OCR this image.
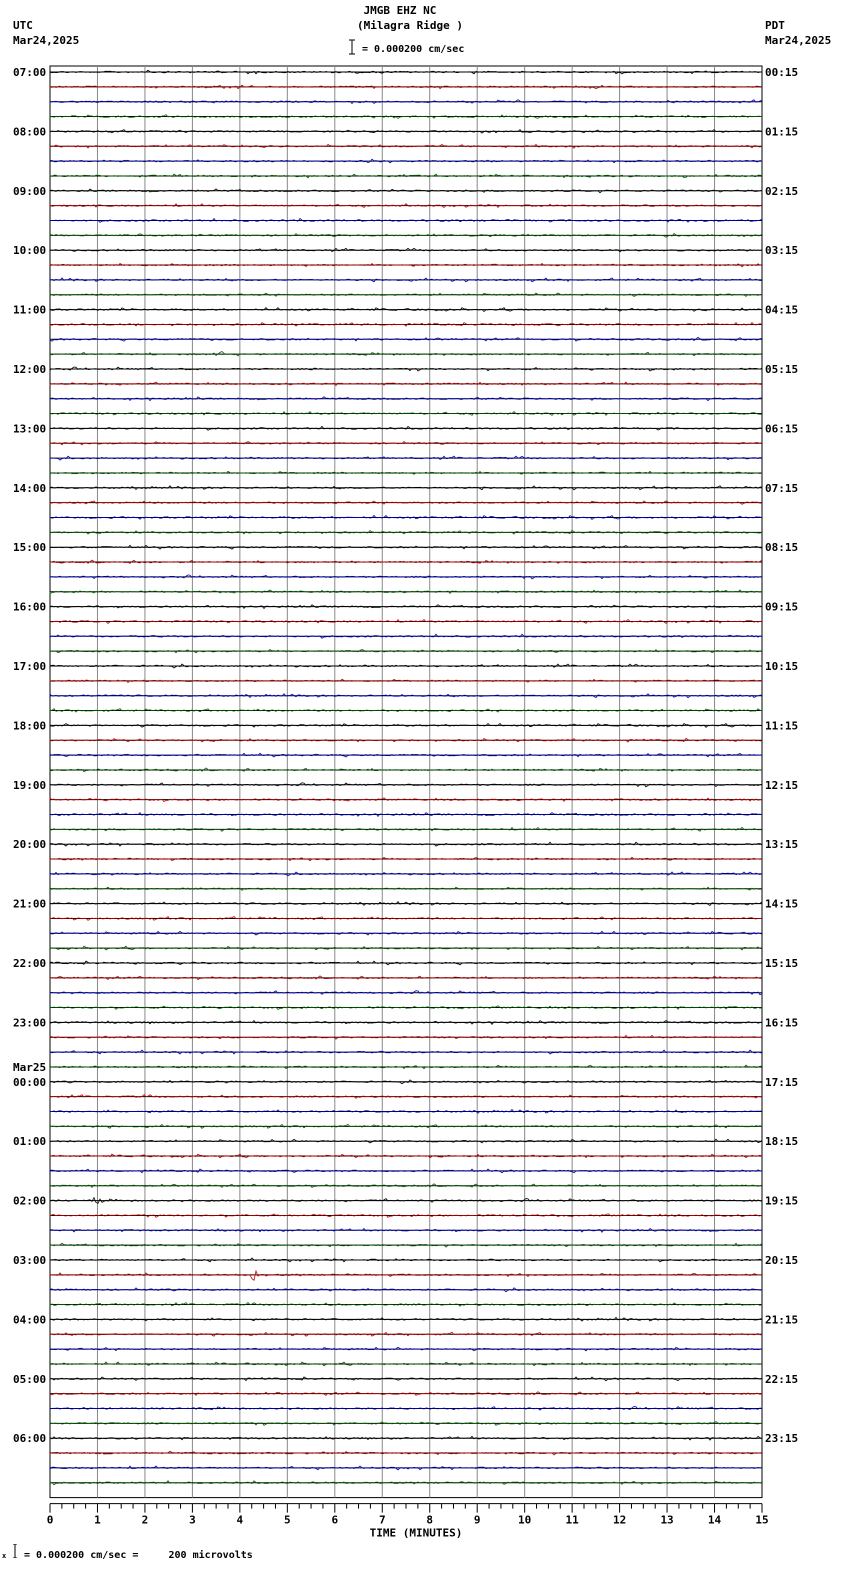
JMGB EHZ NC
(Milagra Ridge )
= 0.000200 cm/sec
UTC
Mar24,2025
PDT
Mar24,2025
07:00	00:15
08:00	01:15
09:00	02:15
10:00	03:15
11:00	04:15
12:00	05:15
13:00	06:15
14:00	07:15
15:00	08:15
16:00	09:15
17:00	10:15
18:00	11:15
19:00	12:15
20:00	13:15
21:00	14:15
22:00	15:15
23:00	16:15
00:00	17:15
Mar25
01:00	18:15
02:00	19:15
03:00	20:15
04:00	21:15
05:00	22:15
06:00	23:15
0	1	2	3	4	5	6	7	8	9	10	11	12	13	14	15
TIME (MINUTES)
x = 0.000200 cm/sec =     200 microvolts
